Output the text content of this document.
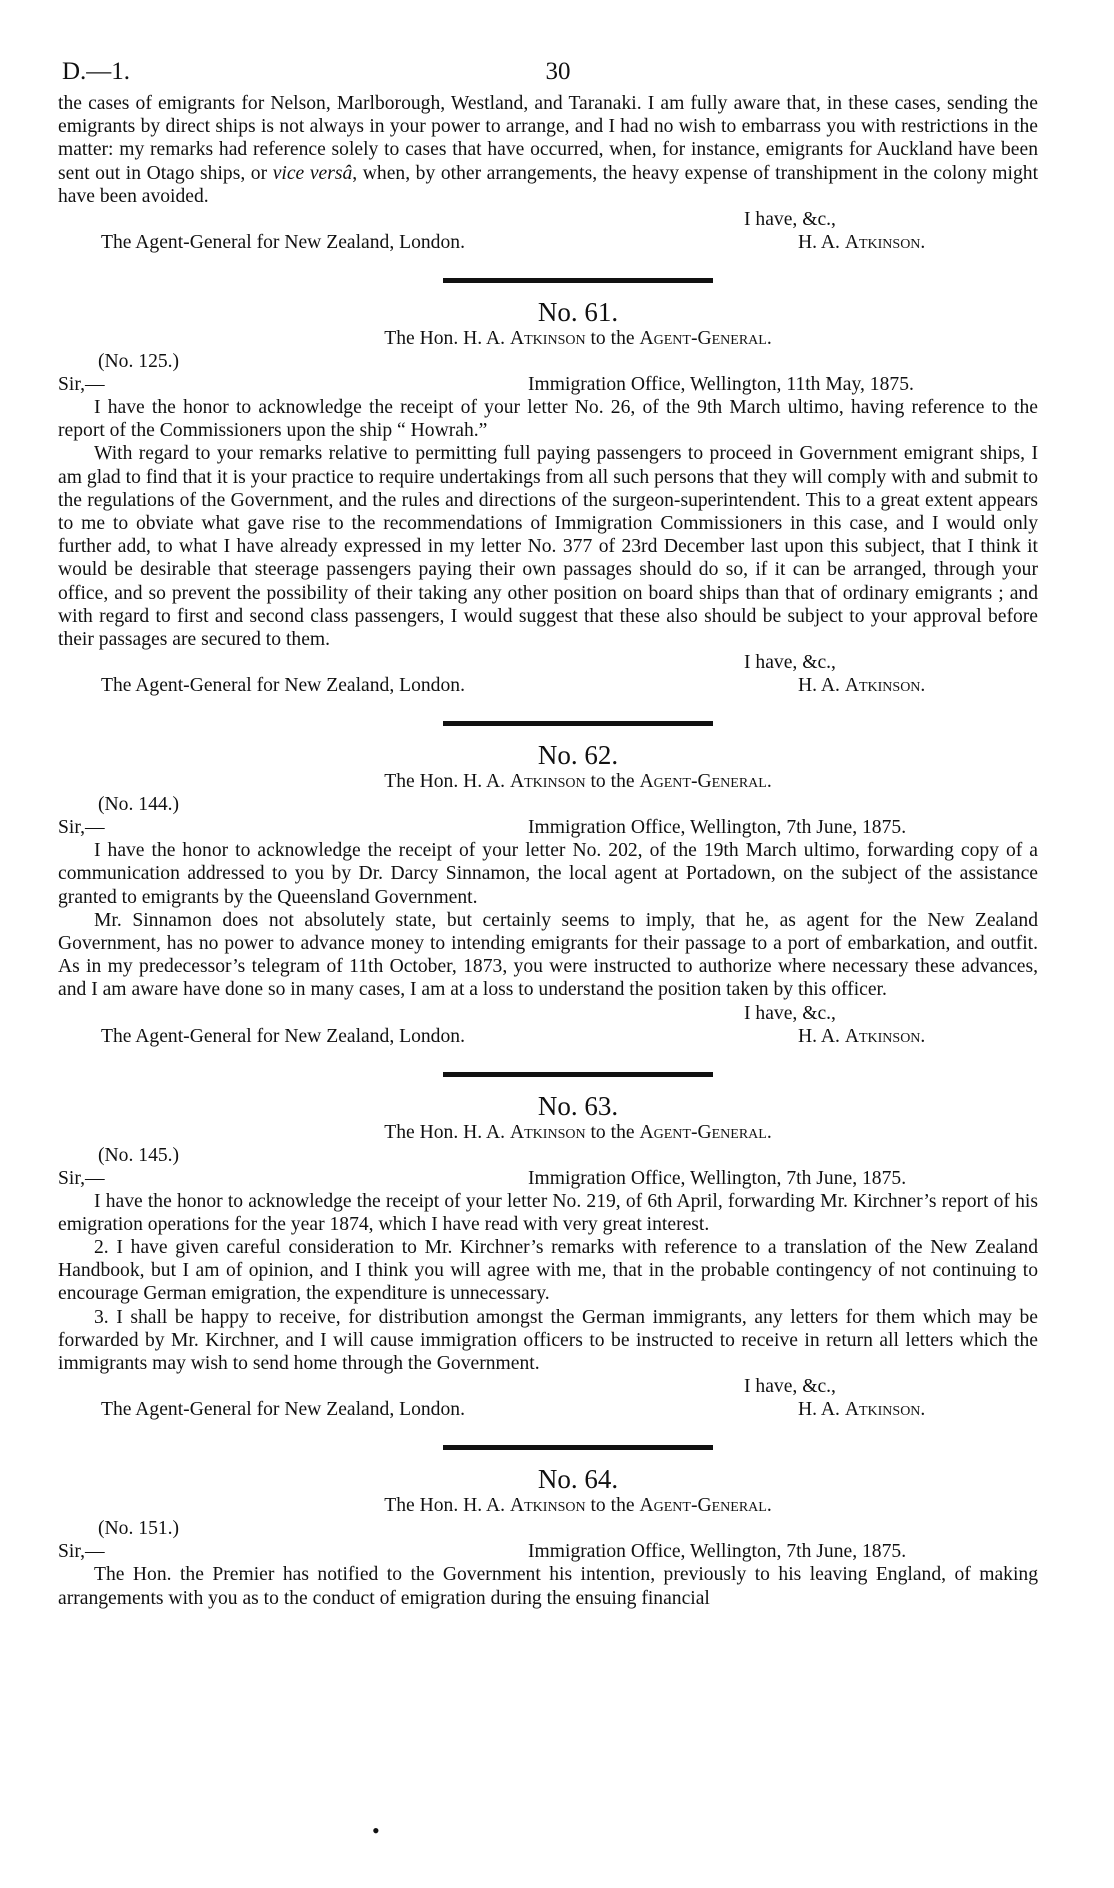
D.—1.	30

the cases of emigrants for Nelson, Marlborough, Westland, and Taranaki. I am fully aware that, in these cases, sending the emigrants by direct ships is not always in your power to arrange, and I had no wish to embarrass you with restrictions in the matter: my remarks had reference solely to cases that have occurred, when, for instance, emigrants for Auckland have been sent out in Otago ships, or vice versâ, when, by other arrangements, the heavy expense of transhipment in the colony might have been avoided.

I have, &c.,
The Agent-General for New Zealand, London.	H. A. Atkinson.

No. 61.

The Hon. H. A. Atkinson to the Agent-General.

(No. 125.)
Sir,—	Immigration Office, Wellington, 11th May, 1875.

I have the honor to acknowledge the receipt of your letter No. 26, of the 9th March ultimo, having reference to the report of the Commissioners upon the ship “ Howrah.”

With regard to your remarks relative to permitting full paying passengers to proceed in Government emigrant ships, I am glad to find that it is your practice to require undertakings from all such persons that they will comply with and submit to the regulations of the Government, and the rules and directions of the surgeon-superintendent. This to a great extent appears to me to obviate what gave rise to the recommendations of Immigration Commissioners in this case, and I would only further add, to what I have already expressed in my letter No. 377 of 23rd December last upon this subject, that I think it would be desirable that steerage passengers paying their own passages should do so, if it can be arranged, through your office, and so prevent the possibility of their taking any other position on board ships than that of ordinary emigrants ; and with regard to first and second class passengers, I would suggest that these also should be subject to your approval before their passages are secured to them.

I have, &c.,
The Agent-General for New Zealand, London.	H. A. Atkinson.

No. 62.

The Hon. H. A. Atkinson to the Agent-General.

(No. 144.)
Sir,—	Immigration Office, Wellington, 7th June, 1875.

I have the honor to acknowledge the receipt of your letter No. 202, of the 19th March ultimo, forwarding copy of a communication addressed to you by Dr. Darcy Sinnamon, the local agent at Portadown, on the subject of the assistance granted to emigrants by the Queensland Government.

Mr. Sinnamon does not absolutely state, but certainly seems to imply, that he, as agent for the New Zealand Government, has no power to advance money to intending emigrants for their passage to a port of embarkation, and outfit. As in my predecessor’s telegram of 11th October, 1873, you were instructed to authorize where necessary these advances, and I am aware have done so in many cases, I am at a loss to understand the position taken by this officer.

I have, &c.,
The Agent-General for New Zealand, London.	H. A. Atkinson.

No. 63.

The Hon. H. A. Atkinson to the Agent-General.

(No. 145.)
Sir,—	Immigration Office, Wellington, 7th June, 1875.

I have the honor to acknowledge the receipt of your letter No. 219, of 6th April, forwarding Mr. Kirchner’s report of his emigration operations for the year 1874, which I have read with very great interest.

2. I have given careful consideration to Mr. Kirchner’s remarks with reference to a translation of the New Zealand Handbook, but I am of opinion, and I think you will agree with me, that in the probable contingency of not continuing to encourage German emigration, the expenditure is unnecessary.

3. I shall be happy to receive, for distribution amongst the German immigrants, any letters for them which may be forwarded by Mr. Kirchner, and I will cause immigration officers to be instructed to receive in return all letters which the immigrants may wish to send home through the Government.

I have, &c.,
The Agent-General for New Zealand, London.	H. A. Atkinson.

No. 64.

The Hon. H. A. Atkinson to the Agent-General.

(No. 151.)
Sir,—	Immigration Office, Wellington, 7th June, 1875.

The Hon. the Premier has notified to the Government his intention, previously to his leaving England, of making arrangements with you as to the conduct of emigration during the ensuing financial

•
